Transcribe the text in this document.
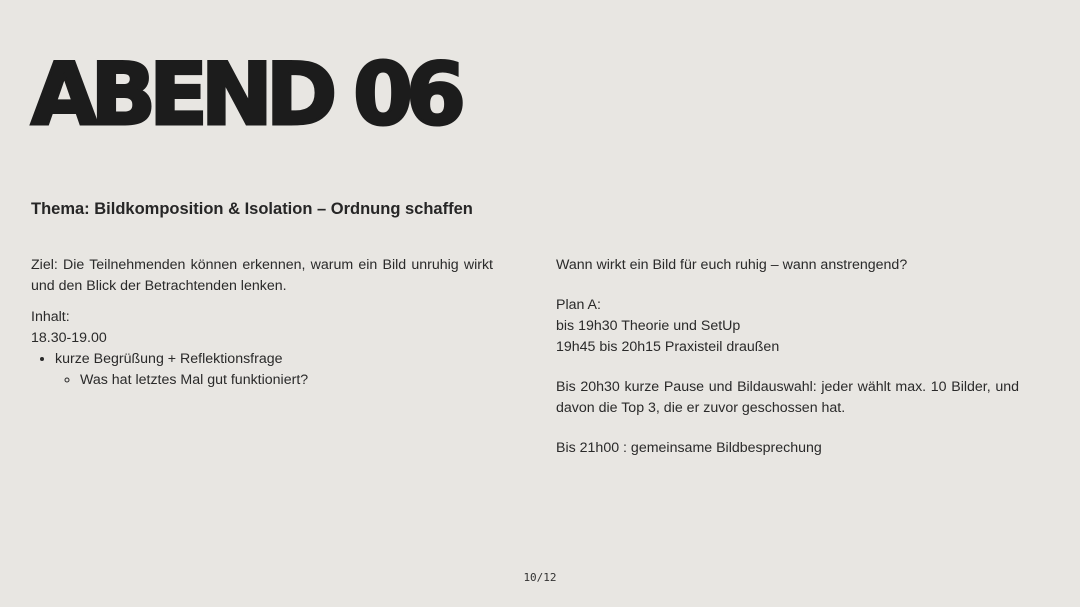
ABEND 06
Thema: Bildkomposition & Isolation – Ordnung schaffen

Ziel: Die Teilnehmenden können erkennen, warum ein Bild unruhig wirkt und den Blick der Betrachtenden lenken.

Inhalt:

18.30-19.00

• kurze Begrüßung + Reflektionsfrage
◦ Was hat letztes Mal gut funktioniert?

Wann wirkt ein Bild für euch ruhig – wann anstrengend?

Plan A:

bis 19h30 Theorie und SetUp

19h45 bis 20h15 Praxisteil draußen

Bis 20h30 kurze Pause und Bildauswahl: jeder wählt max. 10 Bilder, und davon die Top 3, die er zuvor geschossen hat.

Bis 21h00 : gemeinsame Bildbesprechung

10/12
